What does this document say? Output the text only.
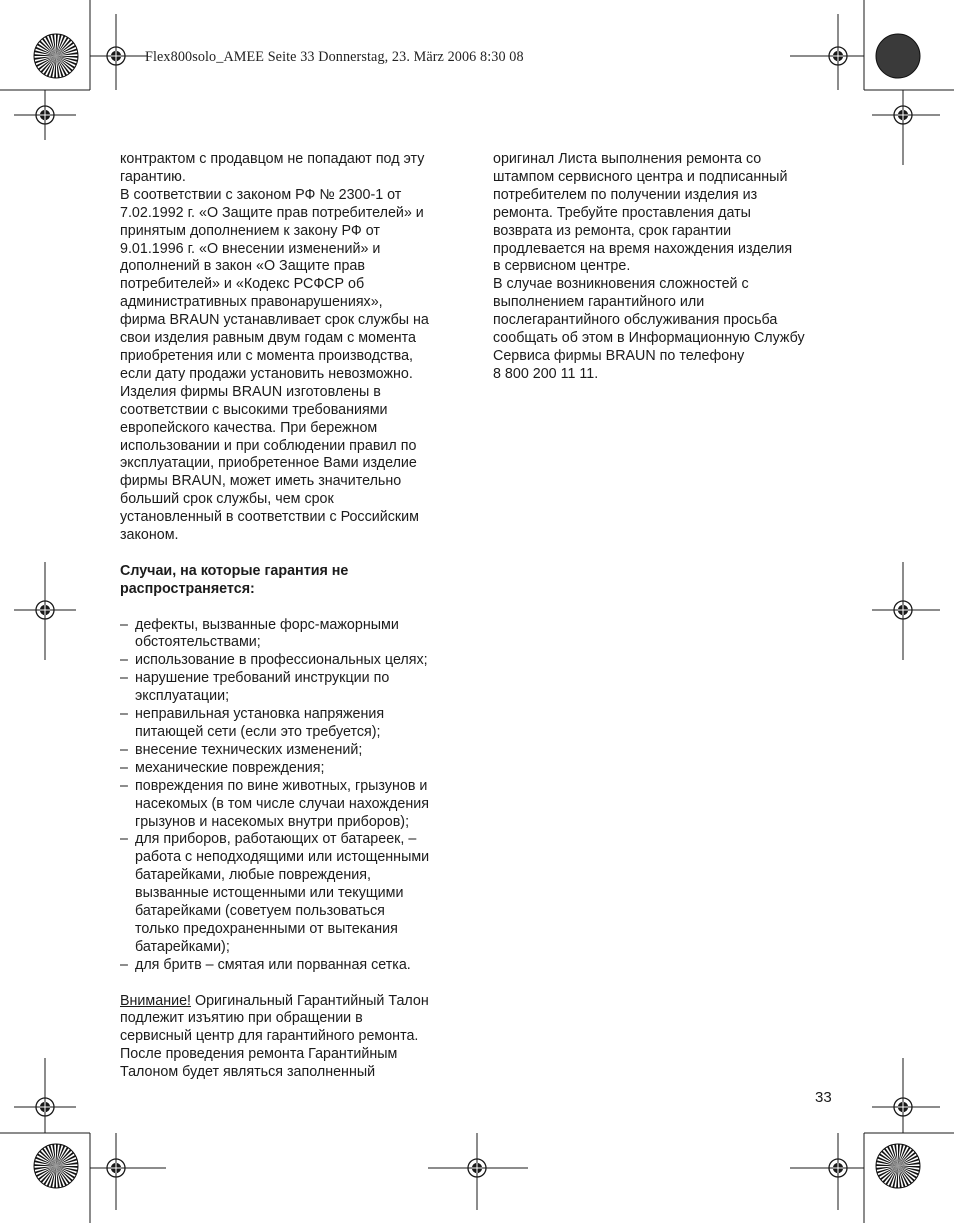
Flex800solo_AMEE Seite 33 Donnerstag, 23. März 2006 8:30 08

контрактом с продавцом не попадают под эту
гарантию.
В соответствии с законом РФ № 2300-1 от
7.02.1992 г. «О Защите прав потребителей» и
принятым дополнением к закону РФ от
9.01.1996 г. «О внесении изменений» и
дополнений в закон «О Защите прав
потребителей» и «Кодекс РСФСР об
административных правонарушениях»,
фирма BRAUN устанавливает срок службы на
свои изделия равным двум годам с момента
приобретения или с момента производства,
если дату продажи установить невозможно.
Изделия фирмы BRAUN изготовлены в
соответствии с высокими требованиями
европейского качества. При бережном
использовании и при соблюдении правил по
эксплуатации, приобретенное Вами изделие
фирмы BRAUN, может иметь значительно
больший срок службы, чем срок
установленный в соответствии с Российским
законом.

Случаи, на которые гарантия не
распространяется:

– дефекты, вызванные форс-мажорными
обстоятельствами;
– использование в профессиональных целях;
– нарушение требований инструкции по
эксплуатации;
– неправильная установка напряжения
питающей сети (если это требуется);
– внесение технических изменений;
– механические повреждения;
– повреждения по вине животных, грызунов и
насекомых (в том числе случаи нахождения
грызунов и насекомых внутри приборов);
– для приборов, работающих от батареек, –
работа с неподходящими или истощенными
батарейками, любые повреждения,
вызванные истощенными или текущими
батарейками (советуем пользоваться
только предохраненными от вытекания
батарейками);
– для бритв – смятая или порванная сетка.

Внимание! Оригинальный Гарантийный Талон
подлежит изъятию при обращении в
сервисный центр для гарантийного ремонта.
После проведения ремонта Гарантийным
Талоном будет являться заполненный

оригинал Листа выполнения ремонта со
штампом сервисного центра и подписанный
потребителем по получении изделия из
ремонта. Требуйте проставления даты
возврата из ремонта, срок гарантии
продлевается на время нахождения изделия
в сервисном центре.
В случае возникновения сложностей с
выполнением гарантийного или
послегарантийного обслуживания просьба
сообщать об этом в Информационную Службу
Сервиса фирмы BRAUN по телефону
8 800 200 11 11.

33
